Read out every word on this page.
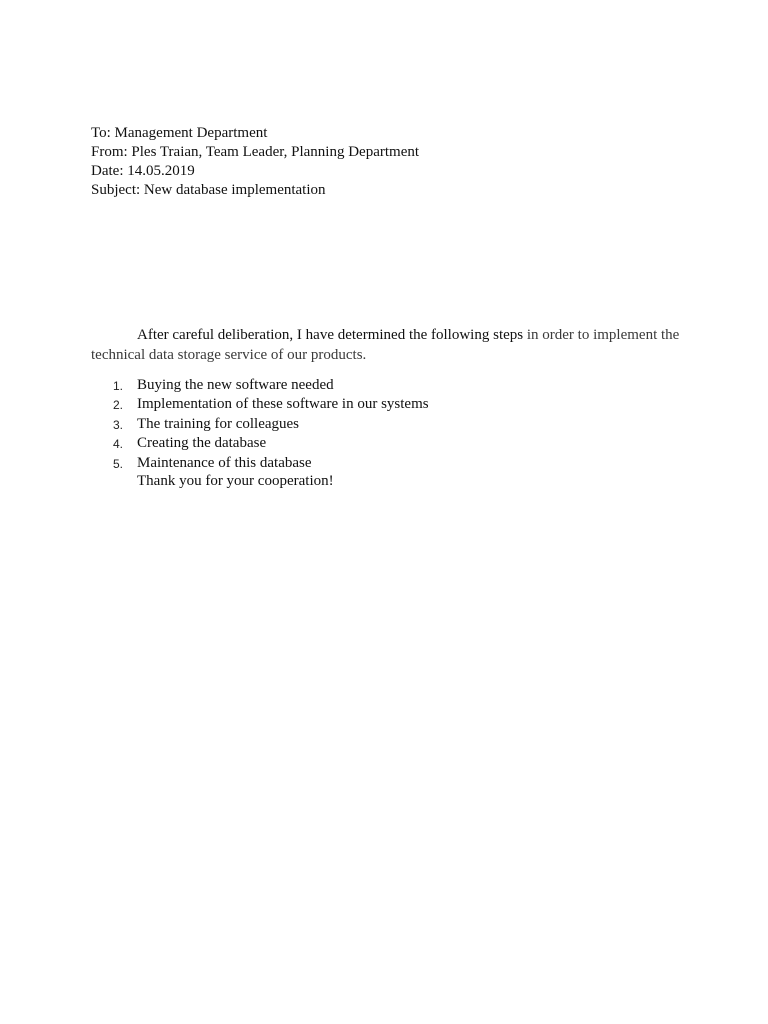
To: Management Department
From: Ples Traian, Team Leader, Planning Department
Date: 14.05.2019
Subject: New database implementation

After careful deliberation, I have determined the following steps in order to implement the technical data storage service of our products.

1. Buying the new software needed
2. Implementation of these software in our systems
3. The training for colleagues
4. Creating the database
5. Maintenance of this database
Thank you for your cooperation!
